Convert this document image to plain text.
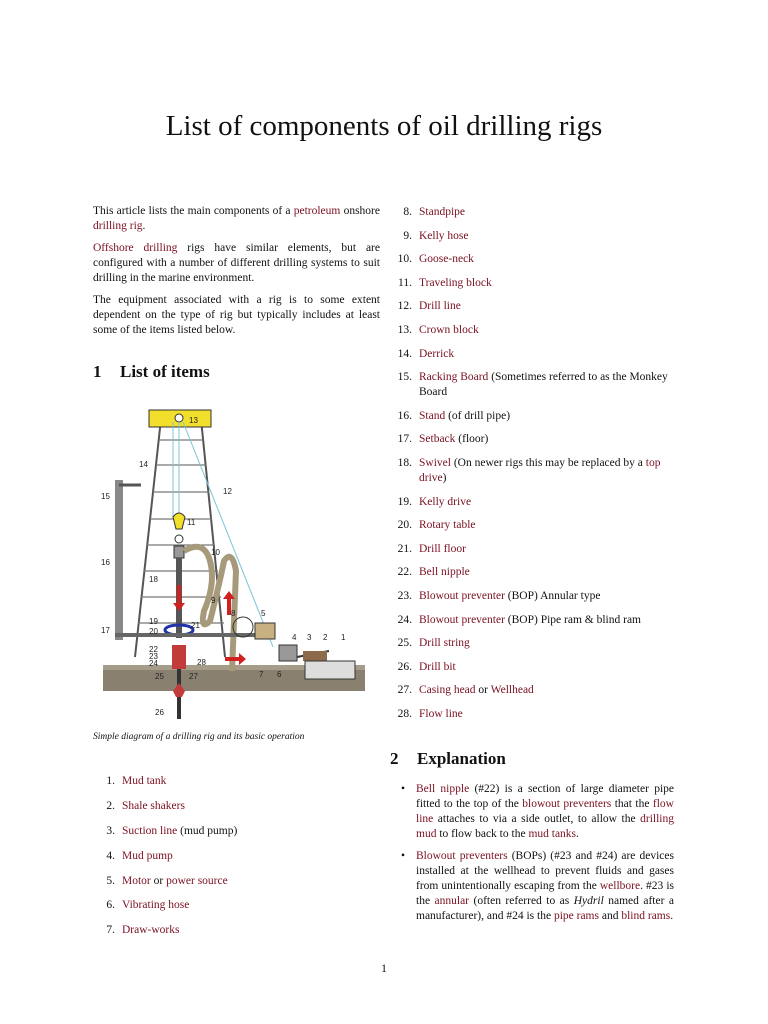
List of components of oil drilling rigs

This article lists the main components of a petroleum onshore drilling rig.

Offshore drilling rigs have similar elements, but are configured with a number of different drilling systems to suit drilling in the marine environment.

The equipment associated with a rig is to some extent dependent on the type of rig but typically includes at least some of the items listed below.

1 List of items
1
2
3
4
5
6
7
8
9
10
11
12
13
14
15
16
17
18
19
20
21
22
23
24
25
26
27
28
Simple diagram of a drilling rig and its basic operation
1. Mud tank
2. Shale shakers
3. Suction line (mud pump)
4. Mud pump
5. Motor or power source
6. Vibrating hose
7. Draw-works
8. Standpipe
9. Kelly hose
10. Goose-neck
11. Traveling block
12. Drill line
13. Crown block
14. Derrick
15. Racking Board (Sometimes referred to as the Monkey Board
16. Stand (of drill pipe)
17. Setback (floor)
18. Swivel (On newer rigs this may be replaced by a top drive)
19. Kelly drive
20. Rotary table
21. Drill floor
22. Bell nipple
23. Blowout preventer (BOP) Annular type
24. Blowout preventer (BOP) Pipe ram & blind ram
25. Drill string
26. Drill bit
27. Casing head or Wellhead
28. Flow line
2 Explanation
• Bell nipple (#22) is a section of large diameter pipe fitted to the top of the blowout preventers that the flow line attaches to via a side outlet, to allow the drilling mud to flow back to the mud tanks.
• Blowout preventers (BOPs) (#23 and #24) are devices installed at the wellhead to prevent fluids and gases from unintentionally escaping from the wellbore. #23 is the annular (often referred to as Hydril named after a manufacturer), and #24 is the pipe rams and blind rams.
1
